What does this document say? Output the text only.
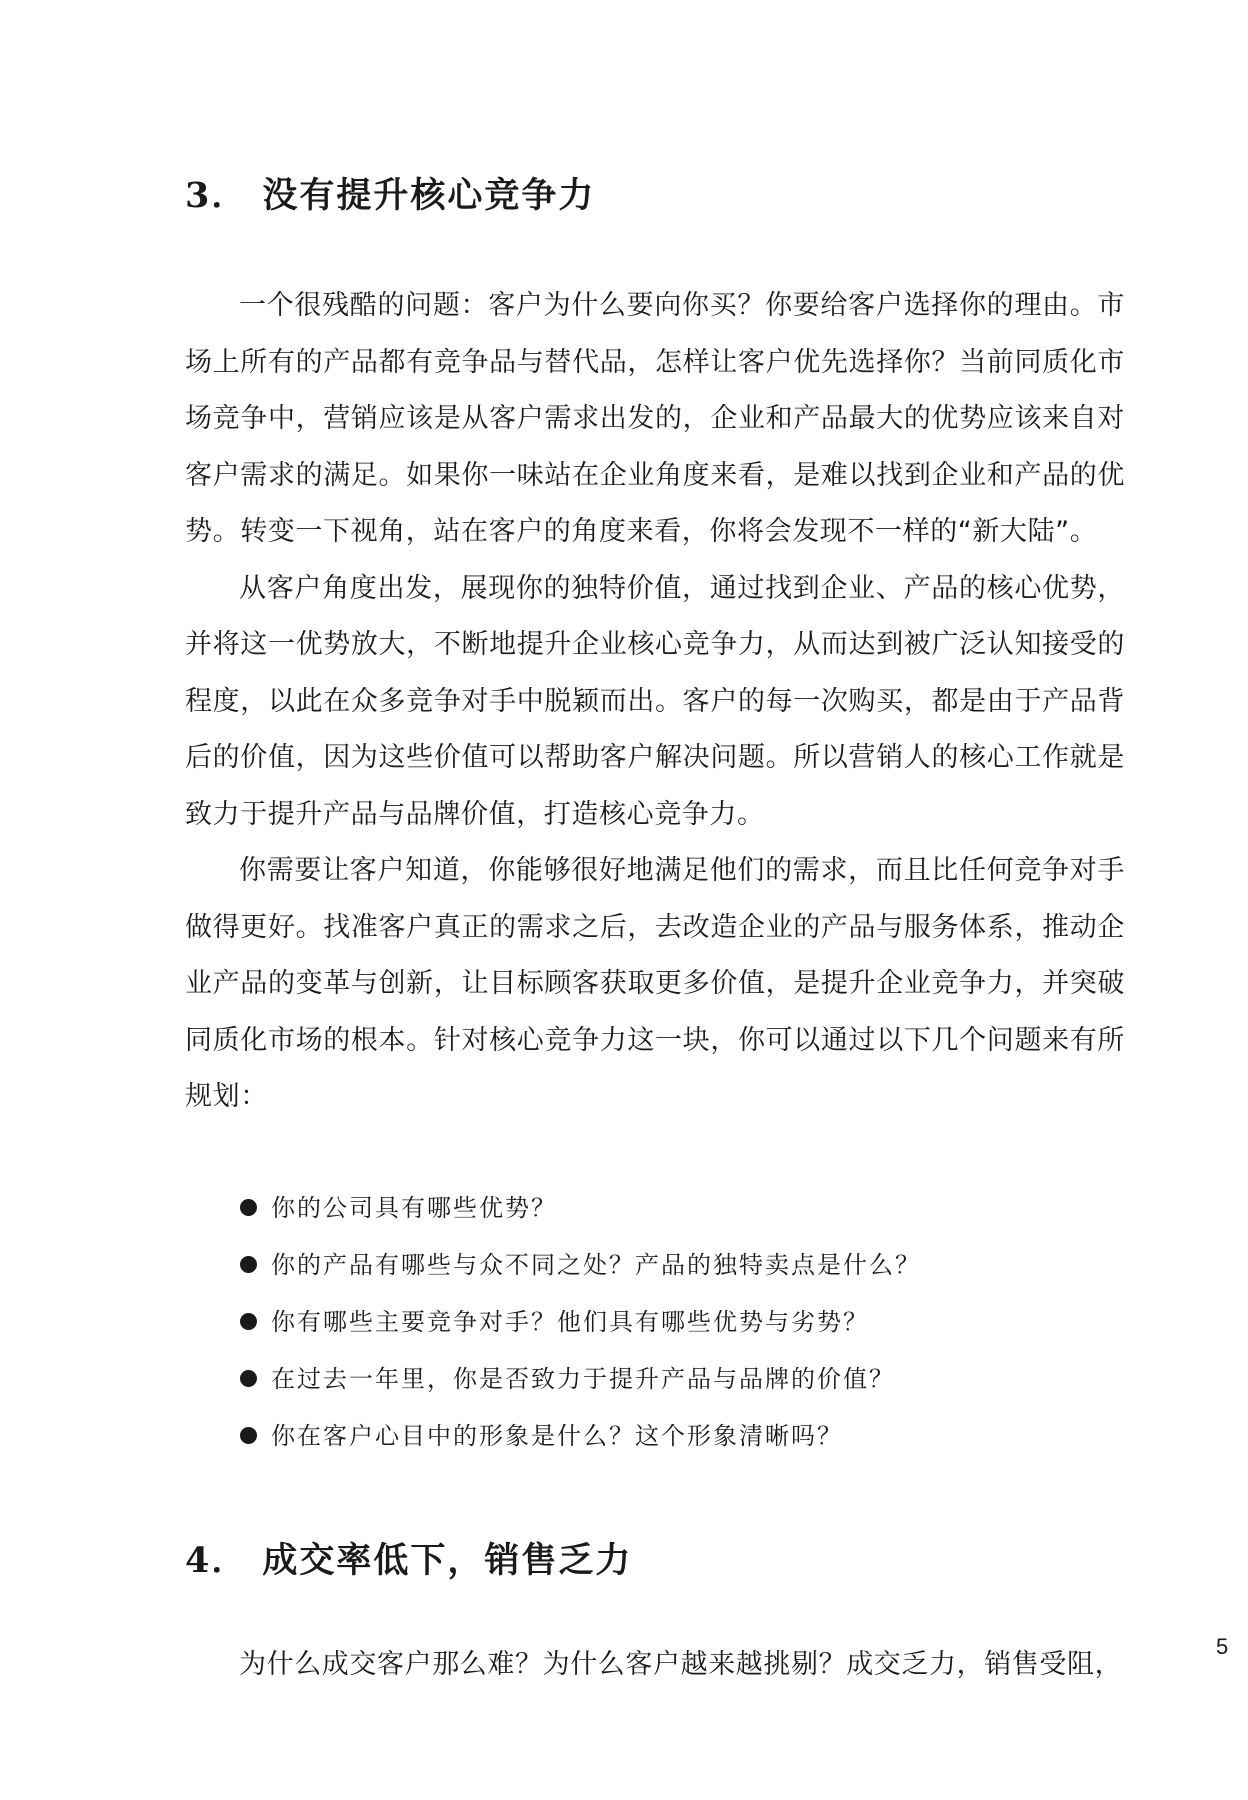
3． 没有提升核心竞争力

一个很残酷的问题：客户为什么要向你买？你要给客户选择你的理由。市场上所有的产品都有竞争品与替代品，怎样让客户优先选择你？当前同质化市场竞争中，营销应该是从客户需求出发的，企业和产品最大的优势应该来自对客户需求的满足。如果你一味站在企业角度来看，是难以找到企业和产品的优势。转变一下视角，站在客户的角度来看，你将会发现不一样的“新大陆”。

从客户角度出发，展现你的独特价值，通过找到企业、产品的核心优势，并将这一优势放大，不断地提升企业核心竞争力，从而达到被广泛认知接受的程度，以此在众多竞争对手中脱颖而出。客户的每一次购买，都是由于产品背后的价值，因为这些价值可以帮助客户解决问题。所以营销人的核心工作就是致力于提升产品与品牌价值，打造核心竞争力。

你需要让客户知道，你能够很好地满足他们的需求，而且比任何竞争对手做得更好。找准客户真正的需求之后，去改造企业的产品与服务体系，推动企业产品的变革与创新，让目标顾客获取更多价值，是提升企业竞争力，并突破同质化市场的根本。针对核心竞争力这一块，你可以通过以下几个问题来有所规划：

你的公司具有哪些优势？
你的产品有哪些与众不同之处？产品的独特卖点是什么？
你有哪些主要竞争对手？他们具有哪些优势与劣势？
在过去一年里，你是否致力于提升产品与品牌的价值？
你在客户心目中的形象是什么？这个形象清晰吗？
4． 成交率低下，销售乏力

为什么成交客户那么难？为什么客户越来越挑剔？成交乏力，销售受阻，

5
